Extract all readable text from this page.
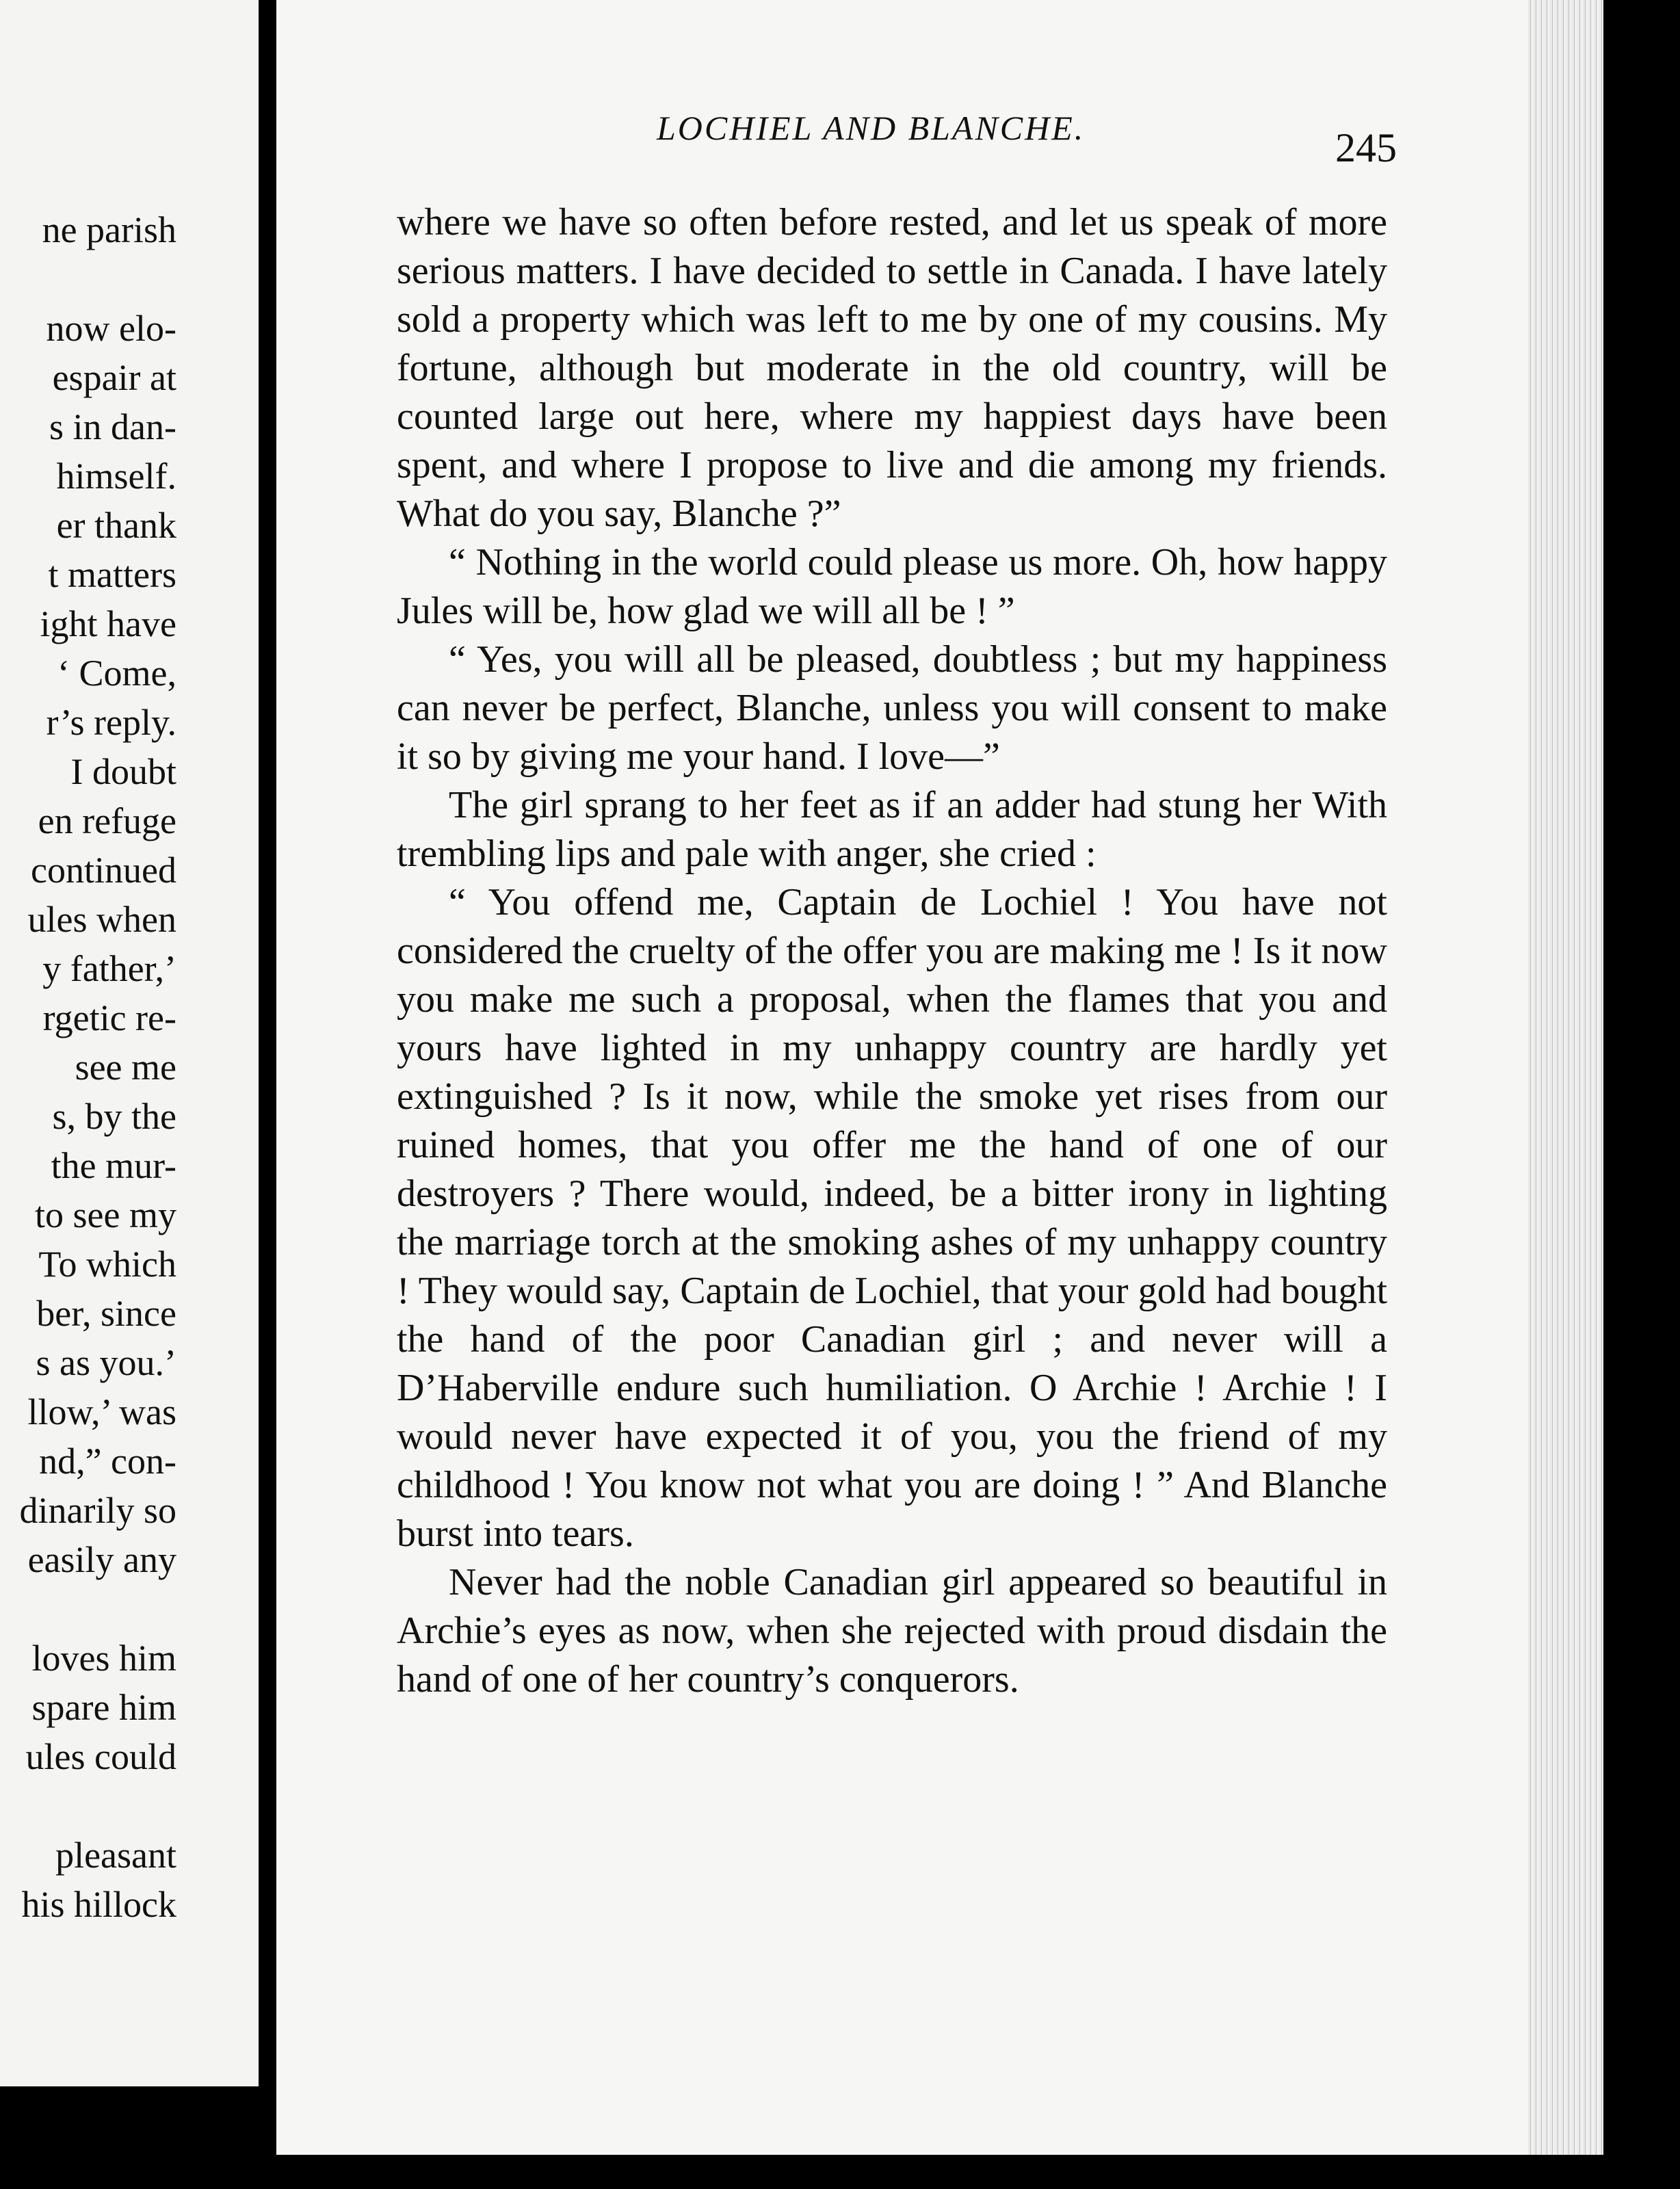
ne parish
now elo-
espair at
s in dan-
himself.
er thank
t matters
ight have
‘ Come,
r’s reply.
I doubt
en refuge
continued
ules when
y father,’
rgetic re-
see me
s, by the
the mur-
to see my
To which
ber, since
s as you.’
llow,’ was
nd,” con-
dinarily so
easily any
loves him
spare him
ules could
pleasant
his hillock
LOCHIEL AND BLANCHE.	245

where we have so often before rested, and let us speak of more serious matters. I have decided to settle in Canada. I have lately sold a property which was left to me by one of my cousins. My fortune, although but moderate in the old country, will be counted large out here, where my happiest days have been spent, and where I propose to live and die among my friends. What do you say, Blanche ?”

“ Nothing in the world could please us more. Oh, how happy Jules will be, how glad we will all be ! ”

“ Yes, you will all be pleased, doubtless ; but my happiness can never be perfect, Blanche, unless you will consent to make it so by giving me your hand. I love—”

The girl sprang to her feet as if an adder had stung her With trembling lips and pale with anger, she cried :

“ You offend me, Captain de Lochiel ! You have not considered the cruelty of the offer you are making me ! Is it now you make me such a proposal, when the flames that you and yours have lighted in my unhappy country are hardly yet extinguished ? Is it now, while the smoke yet rises from our ruined homes, that you offer me the hand of one of our destroyers ? There would, indeed, be a bitter irony in lighting the marriage torch at the smoking ashes of my unhappy country ! They would say, Captain de Lochiel, that your gold had bought the hand of the poor Canadian girl ; and never will a D’Haberville endure such humiliation. O Archie ! Archie ! I would never have expected it of you, you the friend of my childhood ! You know not what you are doing ! ” And Blanche burst into tears.

Never had the noble Canadian girl appeared so beautiful in Archie’s eyes as now, when she rejected with proud disdain the hand of one of her country’s conquerors.
